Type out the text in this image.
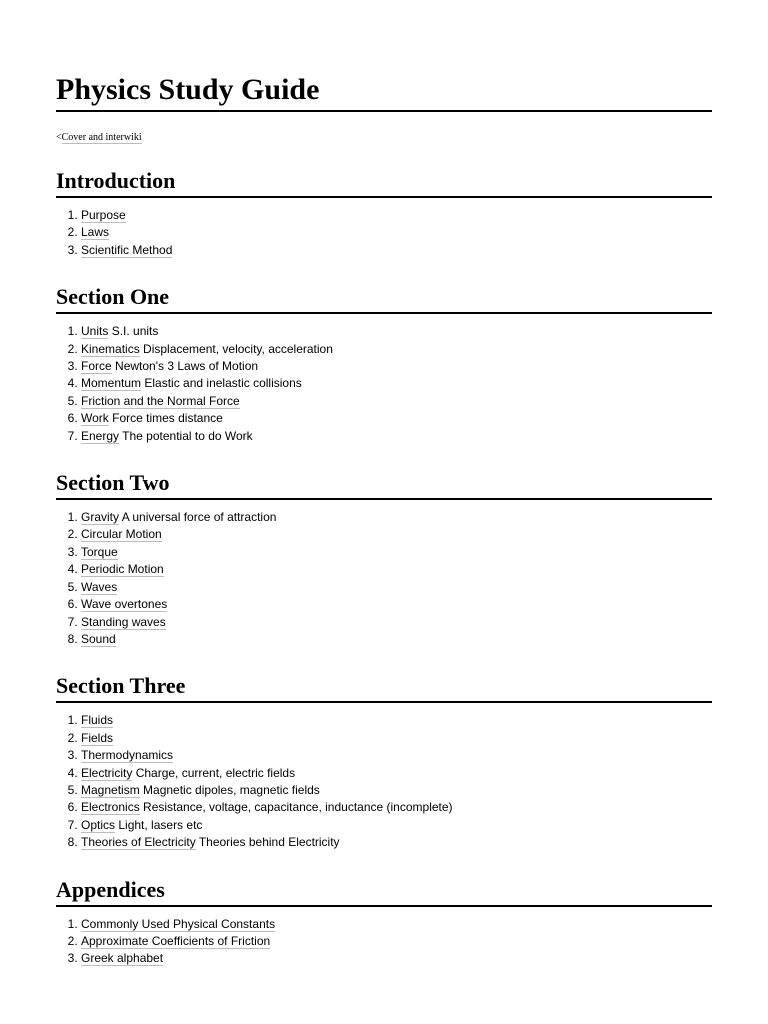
Physics Study Guide
<Cover and interwiki
Introduction
1. Purpose
2. Laws
3. Scientific Method
Section One
1. Units S.I. units
2. Kinematics Displacement, velocity, acceleration
3. Force Newton's 3 Laws of Motion
4. Momentum Elastic and inelastic collisions
5. Friction and the Normal Force
6. Work Force times distance
7. Energy The potential to do Work
Section Two
1. Gravity A universal force of attraction
2. Circular Motion
3. Torque
4. Periodic Motion
5. Waves
6. Wave overtones
7. Standing waves
8. Sound
Section Three
1. Fluids
2. Fields
3. Thermodynamics
4. Electricity Charge, current, electric fields
5. Magnetism Magnetic dipoles, magnetic fields
6. Electronics Resistance, voltage, capacitance, inductance (incomplete)
7. Optics Light, lasers etc
8. Theories of Electricity Theories behind Electricity
Appendices
1. Commonly Used Physical Constants
2. Approximate Coefficients of Friction
3. Greek alphabet
